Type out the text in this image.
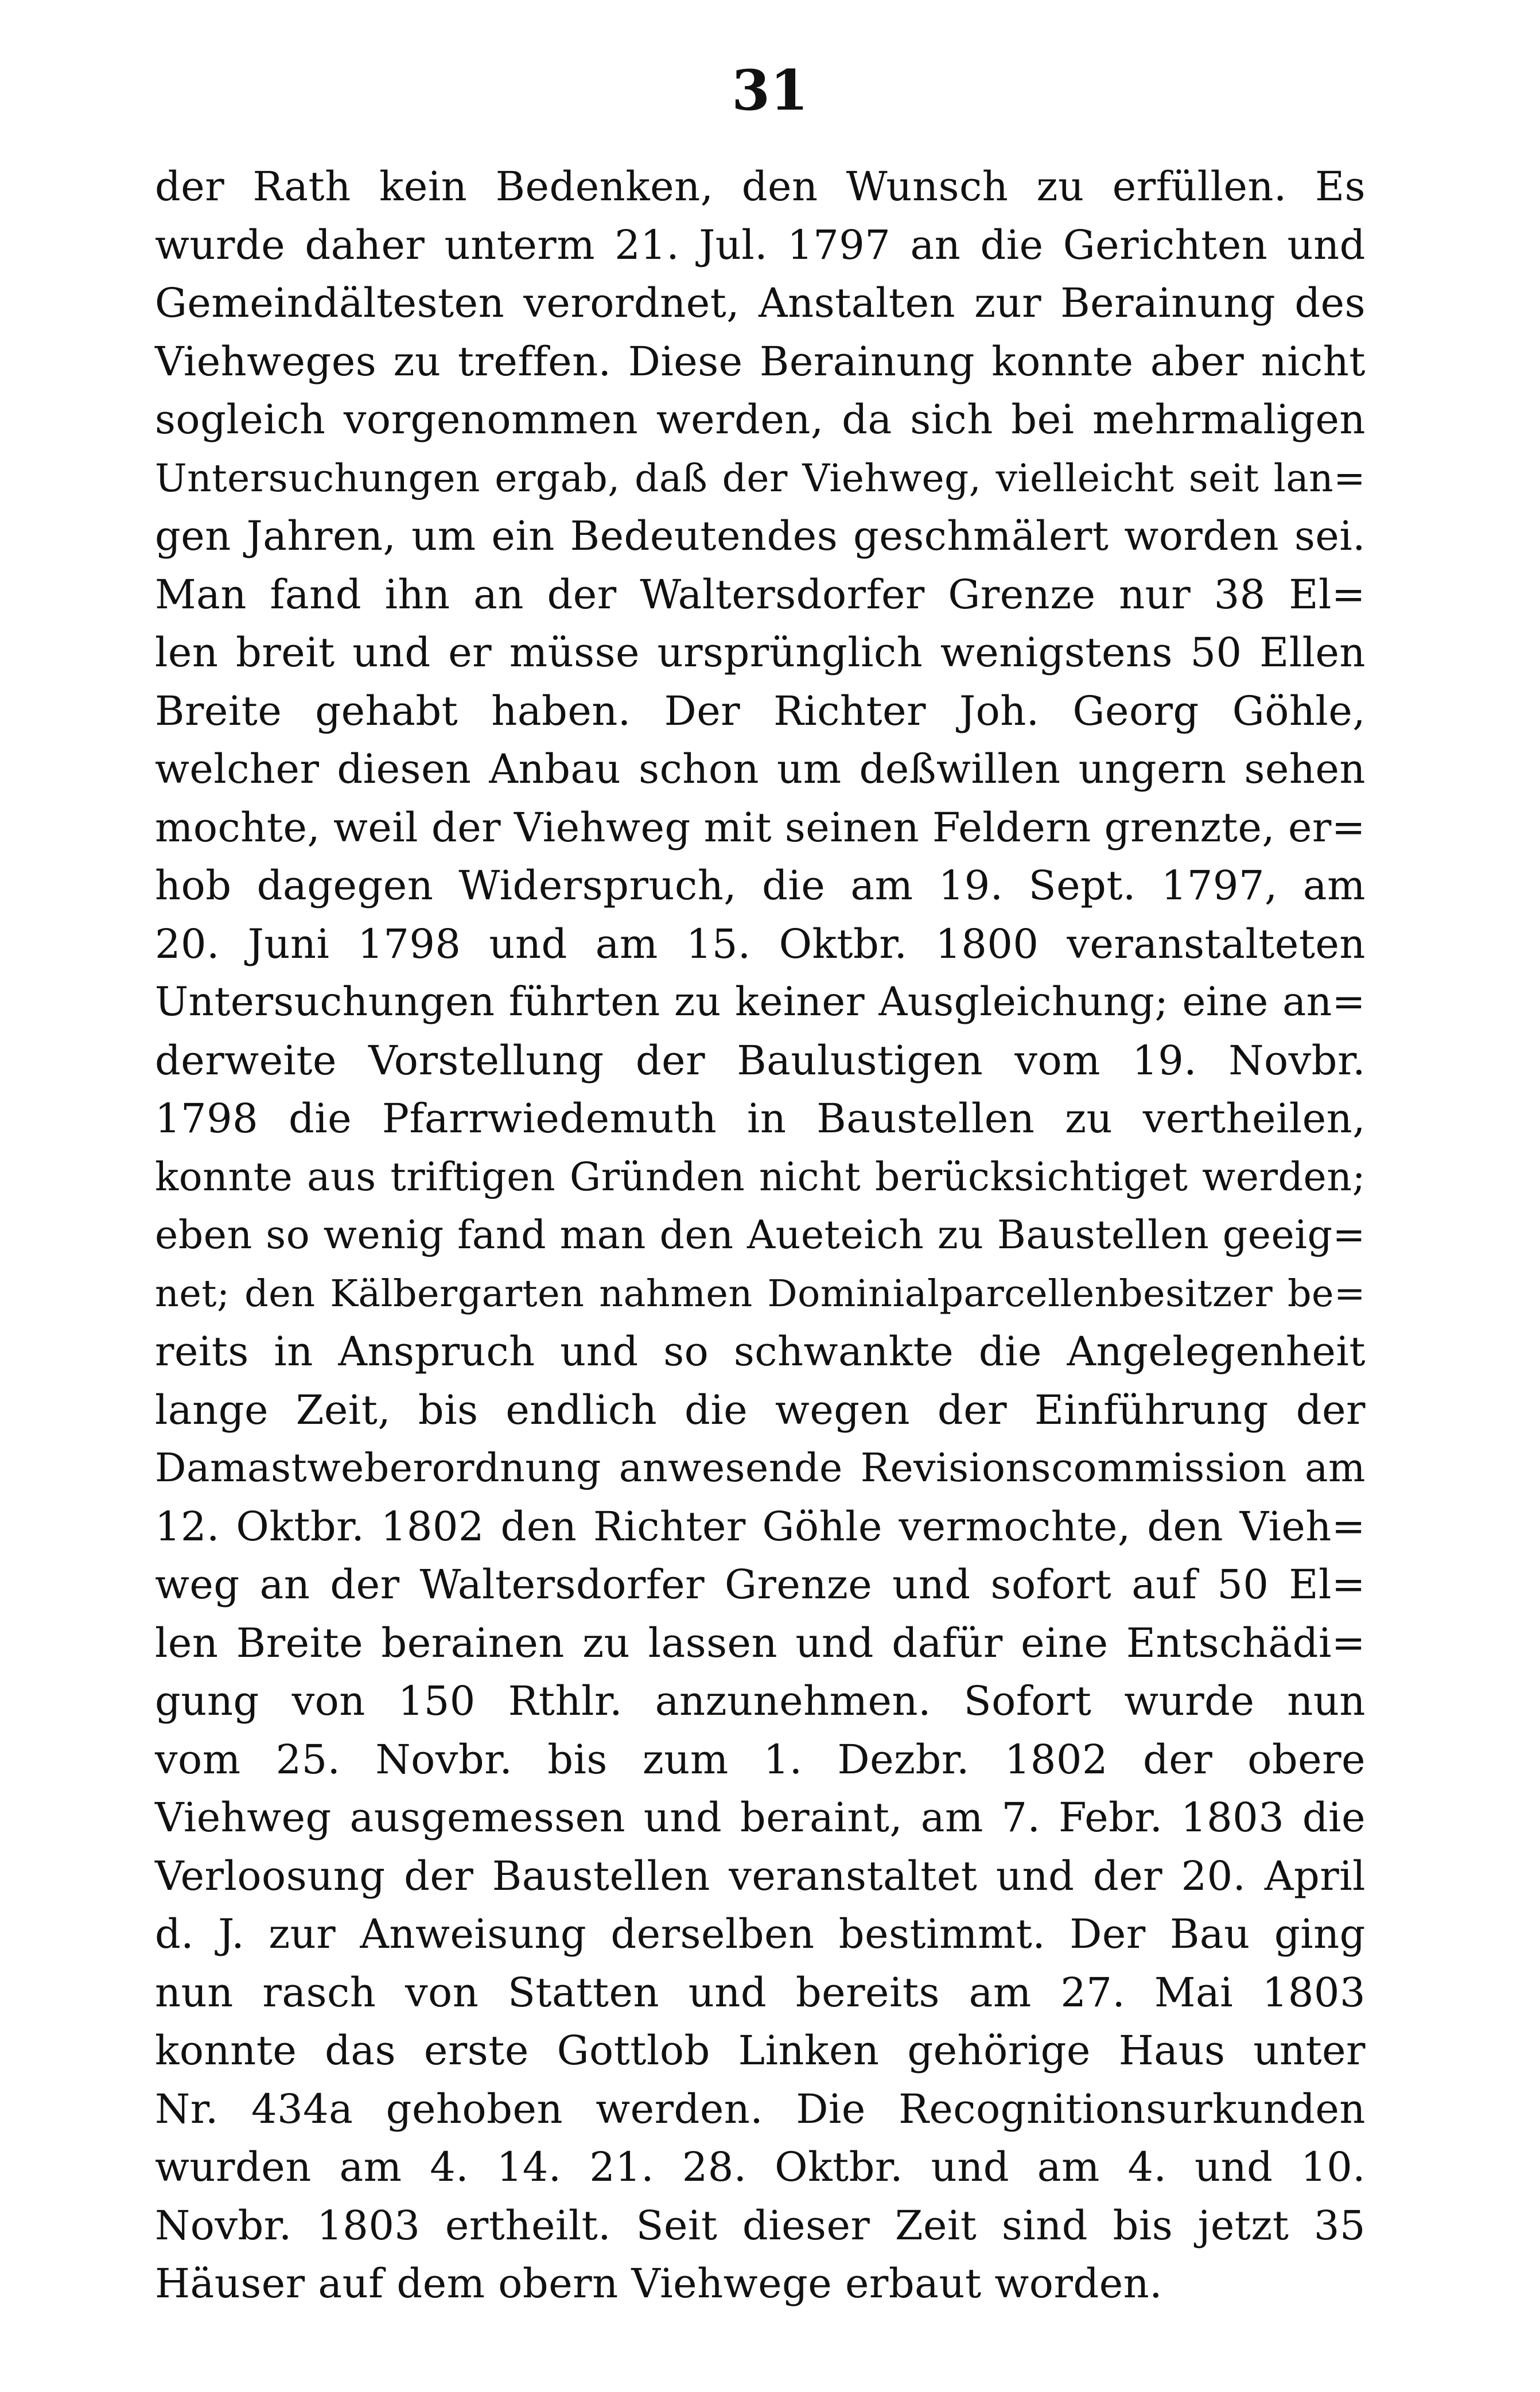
31
der Rath kein Bedenken, den Wunsch zu erfüllen. Es
wurde daher unterm 21. Jul. 1797 an die Gerichten und
Gemeindältesten verordnet, Anstalten zur Berainung des
Viehweges zu treffen. Diese Berainung konnte aber nicht
sogleich vorgenommen werden, da sich bei mehrmaligen
Untersuchungen ergab, daß der Viehweg, vielleicht seit lan=
gen Jahren, um ein Bedeutendes geschmälert worden sei.
Man fand ihn an der Waltersdorfer Grenze nur 38 El=
len breit und er müsse ursprünglich wenigstens 50 Ellen
Breite gehabt haben. Der Richter Joh. Georg Göhle,
welcher diesen Anbau schon um deßwillen ungern sehen
mochte, weil der Viehweg mit seinen Feldern grenzte, er=
hob dagegen Widerspruch, die am 19. Sept. 1797, am
20. Juni 1798 und am 15. Oktbr. 1800 veranstalteten
Untersuchungen führten zu keiner Ausgleichung; eine an=
derweite Vorstellung der Baulustigen vom 19. Novbr.
1798 die Pfarrwiedemuth in Baustellen zu vertheilen,
konnte aus triftigen Gründen nicht berücksichtiget werden;
eben so wenig fand man den Aueteich zu Baustellen geeig=
net; den Kälbergarten nahmen Dominialparcellenbesitzer be=
reits in Anspruch und so schwankte die Angelegenheit
lange Zeit, bis endlich die wegen der Einführung der
Damastweberordnung anwesende Revisionscommission am
12. Oktbr. 1802 den Richter Göhle vermochte, den Vieh=
weg an der Waltersdorfer Grenze und sofort auf 50 El=
len Breite berainen zu lassen und dafür eine Entschädi=
gung von 150 Rthlr. anzunehmen. Sofort wurde nun
vom 25. Novbr. bis zum 1. Dezbr. 1802 der obere
Viehweg ausgemessen und beraint, am 7. Febr. 1803 die
Verloosung der Baustellen veranstaltet und der 20. April
d. J. zur Anweisung derselben bestimmt. Der Bau ging
nun rasch von Statten und bereits am 27. Mai 1803
konnte das erste Gottlob Linken gehörige Haus unter
Nr. 434a gehoben werden. Die Recognitionsurkunden
wurden am 4. 14. 21. 28. Oktbr. und am 4. und 10.
Novbr. 1803 ertheilt. Seit dieser Zeit sind bis jetzt 35
Häuser auf dem obern Viehwege erbaut worden.
